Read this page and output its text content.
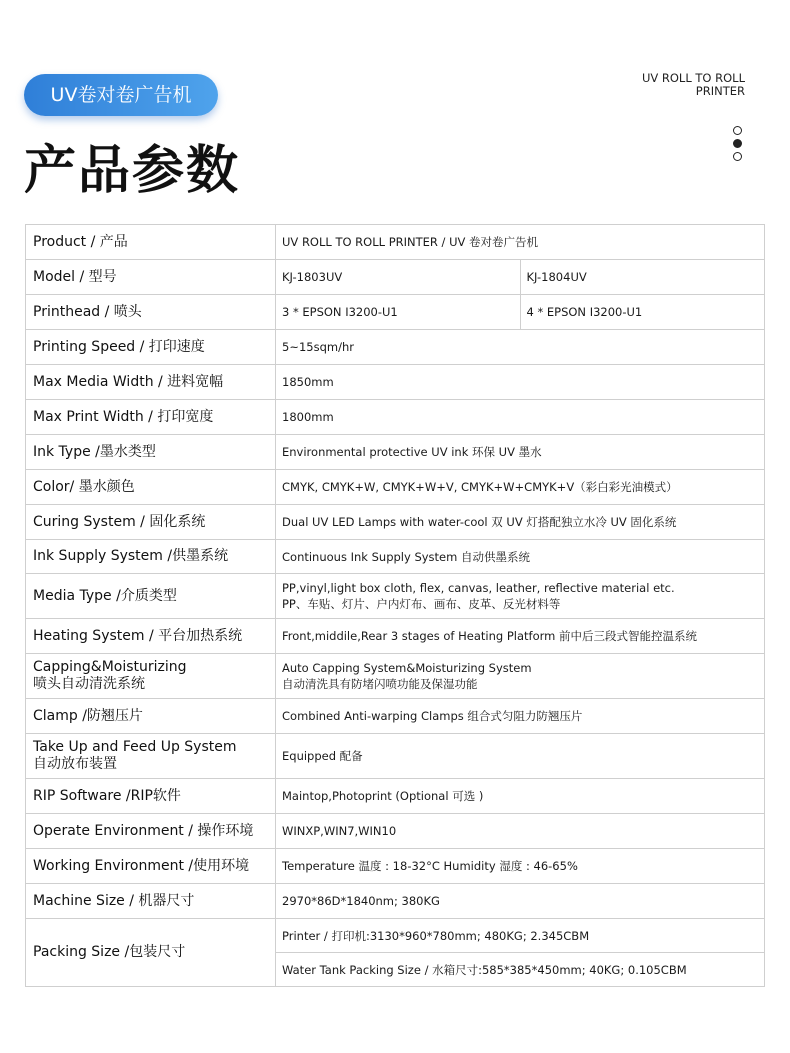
UV卷对卷广告机
UV ROLL TO ROLL
PRINTER
产品参数
Product / 产品	UV ROLL TO ROLL PRINTER / UV 卷对卷广告机	
Model / 型号	KJ-1803UV	KJ-1804UV
Printhead / 喷头	3 * EPSON I3200-U1	4 * EPSON I3200-U1
Printing Speed / 打印速度	5~15sqm/hr	
Max Media Width / 进料宽幅	1850mm	
Max Print Width / 打印宽度	1800mm	
Ink Type /墨水类型	Environmental protective UV ink 环保 UV 墨水	
Color/ 墨水颜色	CMYK, CMYK+W, CMYK+W+V, CMYK+W+CMYK+V（彩白彩光油模式）	
Curing System / 固化系统	Dual UV LED Lamps with water-cool 双 UV 灯搭配独立水冷 UV 固化系统	
Ink Supply System /供墨系统	Continuous Ink Supply System 自动供墨系统	
Media Type /介质类型	PP,vinyl,light box cloth, flex, canvas, leather, reflective material etc.
PP、车贴、灯片、户内灯布、画布、皮革、反光材料等	

Heating System / 平台加热系统	Front,middile,Rear 3 stages of Heating Platform 前中后三段式智能控温系统	

Capping&Moisturizing
喷头自动清洗系统	Auto Capping System&Moisturizing System
自动清洗具有防堵闪喷功能及保湿功能	

Clamp /防翘压片	Combined Anti-warping Clamps 组合式匀阻力防翘压片	

Take Up and Feed Up System
自动放布装置	Equipped 配备	
RIP Software /RIP软件	Maintop,Photoprint (Optional 可选 )	
Operate Environment / 操作环境	WINXP,WIN7,WIN10	
Working Environment /使用环境	Temperature 温度 : 18-32°C Humidity 湿度 : 46-65%	
Machine Size / 机器尺寸	2970*86D*1840nm; 380KG	
Packing Size /包装尺寸	Printer / 打印机:3130*960*780mm; 480KG; 2.345CBM	
	Water Tank Packing Size / 水箱尺寸:585*385*450mm; 40KG; 0.105CBM	
